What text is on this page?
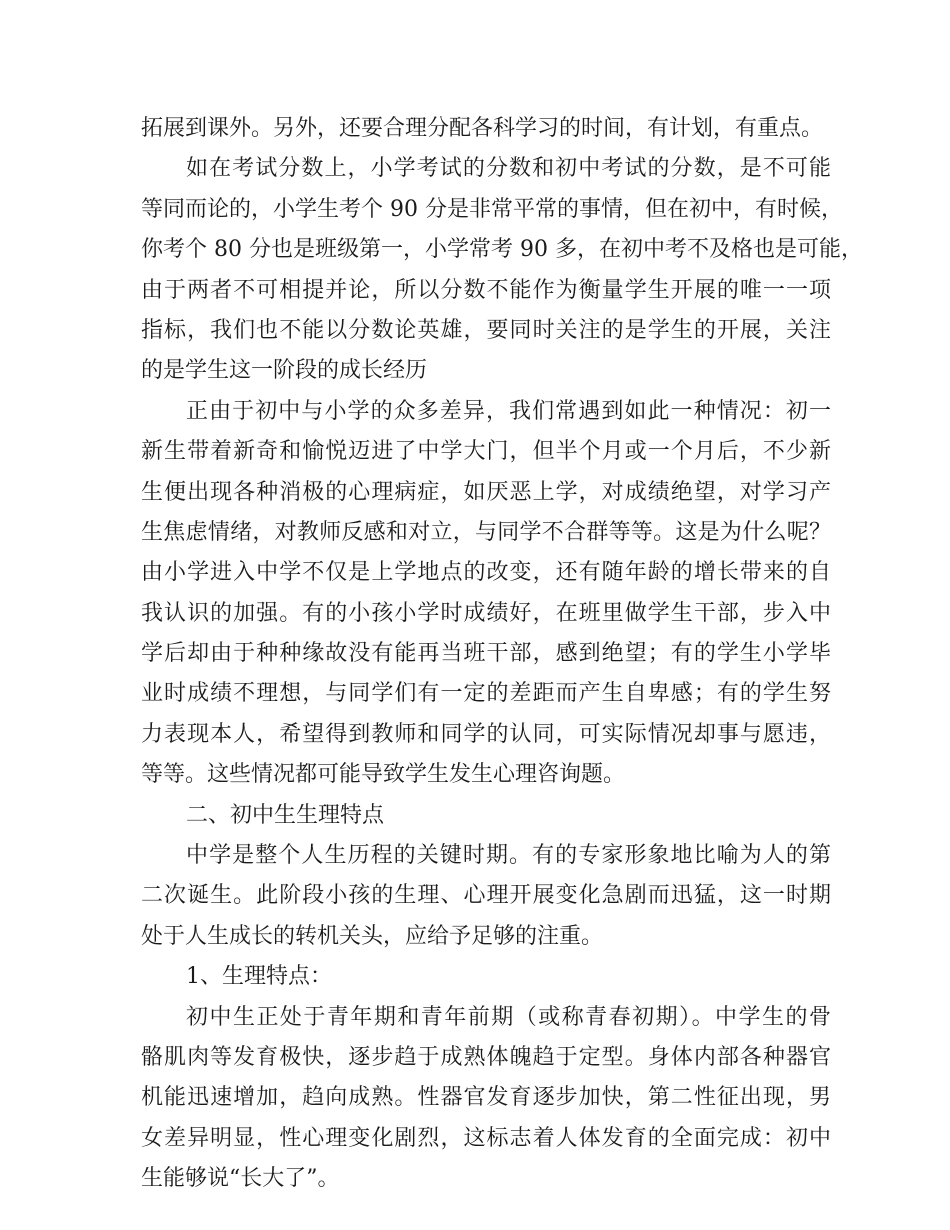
拓展到课外。另外，还要合理分配各科学习的时间，有计划，有重点。
如在考试分数上，小学考试的分数和初中考试的分数，是不可能
等同而论的，小学生考个 90 分是非常平常的事情，但在初中，有时候，
你考个 80 分也是班级第一，小学常考 90 多，在初中考不及格也是可能，
由于两者不可相提并论，所以分数不能作为衡量学生开展的唯一一项
指标，我们也不能以分数论英雄，要同时关注的是学生的开展，关注
的是学生这一阶段的成长经历
正由于初中与小学的众多差异，我们常遇到如此一种情况：初一
新生带着新奇和愉悦迈进了中学大门，但半个月或一个月后，不少新
生便出现各种消极的心理病症，如厌恶上学，对成绩绝望，对学习产
生焦虑情绪，对教师反感和对立，与同学不合群等等。这是为什么呢？
由小学进入中学不仅是上学地点的改变，还有随年龄的增长带来的自
我认识的加强。有的小孩小学时成绩好，在班里做学生干部，步入中
学后却由于种种缘故没有能再当班干部，感到绝望；有的学生小学毕
业时成绩不理想，与同学们有一定的差距而产生自卑感；有的学生努
力表现本人，希望得到教师和同学的认同，可实际情况却事与愿违，
等等。这些情况都可能导致学生发生心理咨询题。
二、初中生生理特点
中学是整个人生历程的关键时期。有的专家形象地比喻为人的第
二次诞生。此阶段小孩的生理、心理开展变化急剧而迅猛，这一时期
处于人生成长的转机关头，应给予足够的注重。
1、生理特点：
初中生正处于青年期和青年前期（或称青春初期）。中学生的骨
骼肌肉等发育极快，逐步趋于成熟体魄趋于定型。身体内部各种器官
机能迅速增加，趋向成熟。性器官发育逐步加快，第二性征出现，男
女差异明显，性心理变化剧烈，这标志着人体发育的全面完成：初中
生能够说“长大了”。
